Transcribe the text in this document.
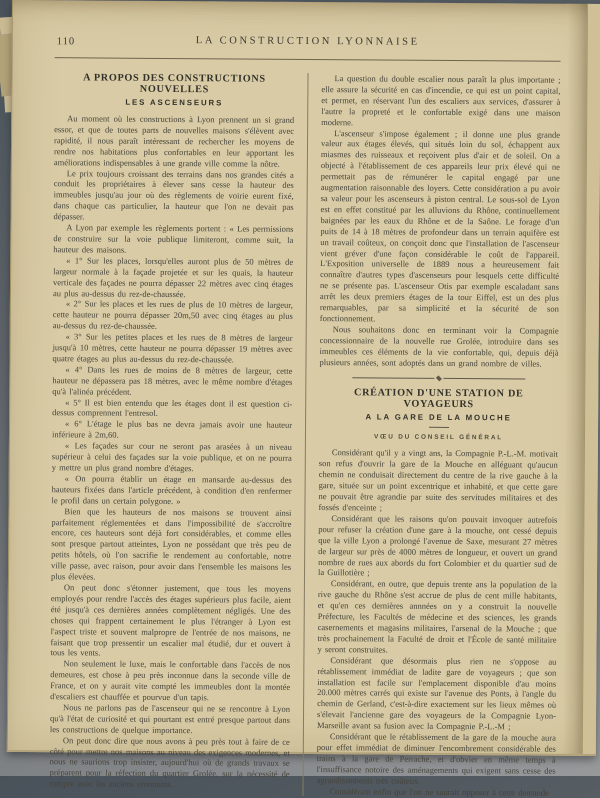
110	LA CONSTRUCTION LYONNAISE
A PROPOS DES CONSTRUCTIONS NOUVELLES
LES ASCENSEURS

Au moment où les constructions à Lyon prennent un si grand essor, et que de toutes parts de nouvelles maisons s'élèvent avec rapidité, il nous paraît intéressant de rechercher les moyens de rendre nos habitations plus confortables en leur apportant les améliorations indispensables à une grande ville comme la nôtre.

Le prix toujours croissant des terrains dans nos grandes cités a conduit les propriétaires à élever sans cesse la hauteur des immeubles jusqu'au jour où des règlements de voirie eurent fixé, dans chaque cas particulier, la hauteur que l'on ne devait pas dépasser.

A Lyon par exemple les règlements portent : « Les permissions de construire sur la voie publique limiteront, comme suit, la hauteur des maisons.

« 1° Sur les places, lorsqu'elles auront plus de 50 mètres de largeur normale à la façade projetée et sur les quais, la hauteur verticale des façades ne pourra dépasser 22 mètres avec cinq étages au plus au-dessus du rez-de-chaussée.

« 2° Sur les places et les rues de plus de 10 mètres de largeur, cette hauteur ne pourra dépasser 20m,50 avec cinq étages au plus au-dessus du rez-de-chaussée.

« 3° Sur les petites places et les rues de 8 mètres de largeur jusqu'à 10 mètres, cette hauteur ne pourra dépasser 19 mètres avec quatre étages au plus au-dessus du rez-de-chaussée.

« 4° Dans les rues de moins de 8 mètres de largeur, cette hauteur ne dépassera pas 18 mètres, avec le même nombre d'étages qu'à l'alinéa précédent.

« 5° Il est bien entendu que les étages dont il est question ci-dessus comprennent l'entresol.

« 6° L'étage le plus bas ne devra jamais avoir une hauteur inférieure à 2m,60.

« Les façades sur cour ne seront pas arasées à un niveau supérieur à celui des façades sur la voie publique, et on ne pourra y mettre un plus grand nombre d'étages.

« On pourra établir un étage en mansarde au-dessus des hauteurs fixées dans l'article précédent, à condition d'en renfermer le profil dans un certain polygone. »

Bien que les hauteurs de nos maisons se trouvent ainsi parfaitement réglementées et dans l'impossibilité de s'accroître encore, ces hauteurs sont déjà fort considérables, et comme elles sont presque partout atteintes, Lyon ne possédant que très peu de petits hôtels, où l'on sacrifie le rendement au confortable, notre ville passe, avec raison, pour avoir dans l'ensemble les maisons les plus élevées.

On peut donc s'étonner justement, que tous les moyens employés pour rendre l'accès des étages supérieurs plus facile, aient été jusqu'à ces dernières années complètement négligés. Une des choses qui frappent certainement le plus l'étranger à Lyon est l'aspect triste et souvent malpropre de l'entrée de nos maisons, ne faisant que trop pressentir un escalier mal étudié, dur et ouvert à tous les vents.

Non seulement le luxe, mais le confortable dans l'accès de nos demeures, est chose à peu près inconnue dans la seconde ville de France, et on y aurait vite compté les immeubles dont la montée d'escaliers est chauffée et pourvue d'un tapis.

Nous ne parlons pas de l'ascenseur qui ne se rencontre à Lyon qu'à l'état de curiosité et qui pourtant est entré presque partout dans les constructions de quelque importance.

On peut donc dire que nous avons à peu près tout à faire de ce côté pour mettre nos maisons au niveau des exigences modernes, et nous ne saurions trop insister, aujourd'hui où de grands travaux se préparent pour la réfection du quartier Grolée, sur la nécessité de rompre avec les anciens errements.

La question du double escalier nous paraît la plus importante ; elle assure la sécurité en cas d'incendie, ce qui est un point capital, et permet, en réservant l'un des escaliers aux services, d'assurer à l'autre la propreté et le confortable exigé dans une maison moderne.

L'ascenseur s'impose également ; il donne une plus grande valeur aux étages élevés, qui situés loin du sol, échappent aux miasmes des ruisseaux et reçoivent plus d'air et de soleil. On a objecté à l'établissement de ces appareils leur prix élevé qui ne permettait pas de rémunérer le capital engagé par une augmentation raisonnable des loyers. Cette considération a pu avoir sa valeur pour les ascenseurs à piston central. Le sous-sol de Lyon est en effet constitué par les alluvions du Rhône, continuellement baignées par les eaux du Rhône et de la Saône. Le forage d'un puits de 14 à 18 mètres de profondeur dans un terrain aquifère est un travail coûteux, on conçoit donc que l'installation de l'ascenseur vient gréver d'une façon considérable le coût de l'appareil. L'Exposition universelle de 1889 nous a heureusement fait connaître d'autres types d'ascenseurs pour lesquels cette difficulté ne se présente pas. L'ascenseur Otis par exemple escaladant sans arrêt les deux premiers étages de la tour Eiffel, est un des plus remarquables, par sa simplicité et la sécurité de son fonctionnement.

Nous souhaitons donc en terminant voir la Compagnie concessionnaire de la nouvelle rue Grolée, introduire dans ses immeubles ces éléments de la vie confortable, qui, depuis déjà plusieurs années, sont adoptés dans un grand nombre de villes.

CRÉATION D'UNE STATION DE VOYAGEURS
A LA GARE DE LA MOUCHE
VŒU DU CONSEIL GÉNÉRAL

Considérant qu'il y a vingt ans, la Compagnie P.-L.-M. motivait son refus d'ouvrir la gare de la Mouche en alléguant qu'aucun chemin ne conduisait directement du centre de la rive gauche à la gare, située sur un point excentrique et inhabité, et que cette gare ne pouvait être agrandie par suite des servitudes militaires et des fossés d'enceinte ;

Considérant que les raisons qu'on pouvait invoquer autrefois pour refuser la création d'une gare à la mouche, ont cessé depuis que la ville Lyon a prolongé l'avenue de Saxe, mesurant 27 mètres de largeur sur près de 4000 mètres de longueur, et ouvert un grand nombre de rues aux abords du fort Colombier et du quartier sud de la Guillotière ;

Considérant, en outre, que depuis trente ans la population de la rive gauche du Rhône s'est accrue de plus de cent mille habitants, et qu'en ces dernières annnées on y a construit la nouvelle Préfecture, les Facultés de médecine et des sciences, les grands casernements et magasins militaires, l'arsenal de la Mouche ; que très prochainement la Faculté de droit et l'École de santé militaire y seront construites.

Considérant que désormais plus rien ne s'oppose au rétablissement immédiat de ladite gare de voyageurs ; que son installation est facile sur l'emplacement disponible d'au moins 20.000 mètres carrés qui existe sur l'avenue des Ponts, à l'angle du chemin de Gerland, c'est-à-dire exactement sur les lieux mêmes où s'élevait l'ancienne gare des voyageurs de la Compagnie Lyon-Marseille avant sa fusion avec la Compagnie P.-L.-M ;

Considérant que le rétablissement de la gare de la mouche aura pour effet immédiat de diminuer l'encombrement considérable des trains à la gare de Perrache, et d'obvier en même temps à l'insuffisance notoire des aménagements qui exigent sans cesse des agrandissements très coûteux.

Considérant enfin que l'on ne saurait opposer à cette demande
